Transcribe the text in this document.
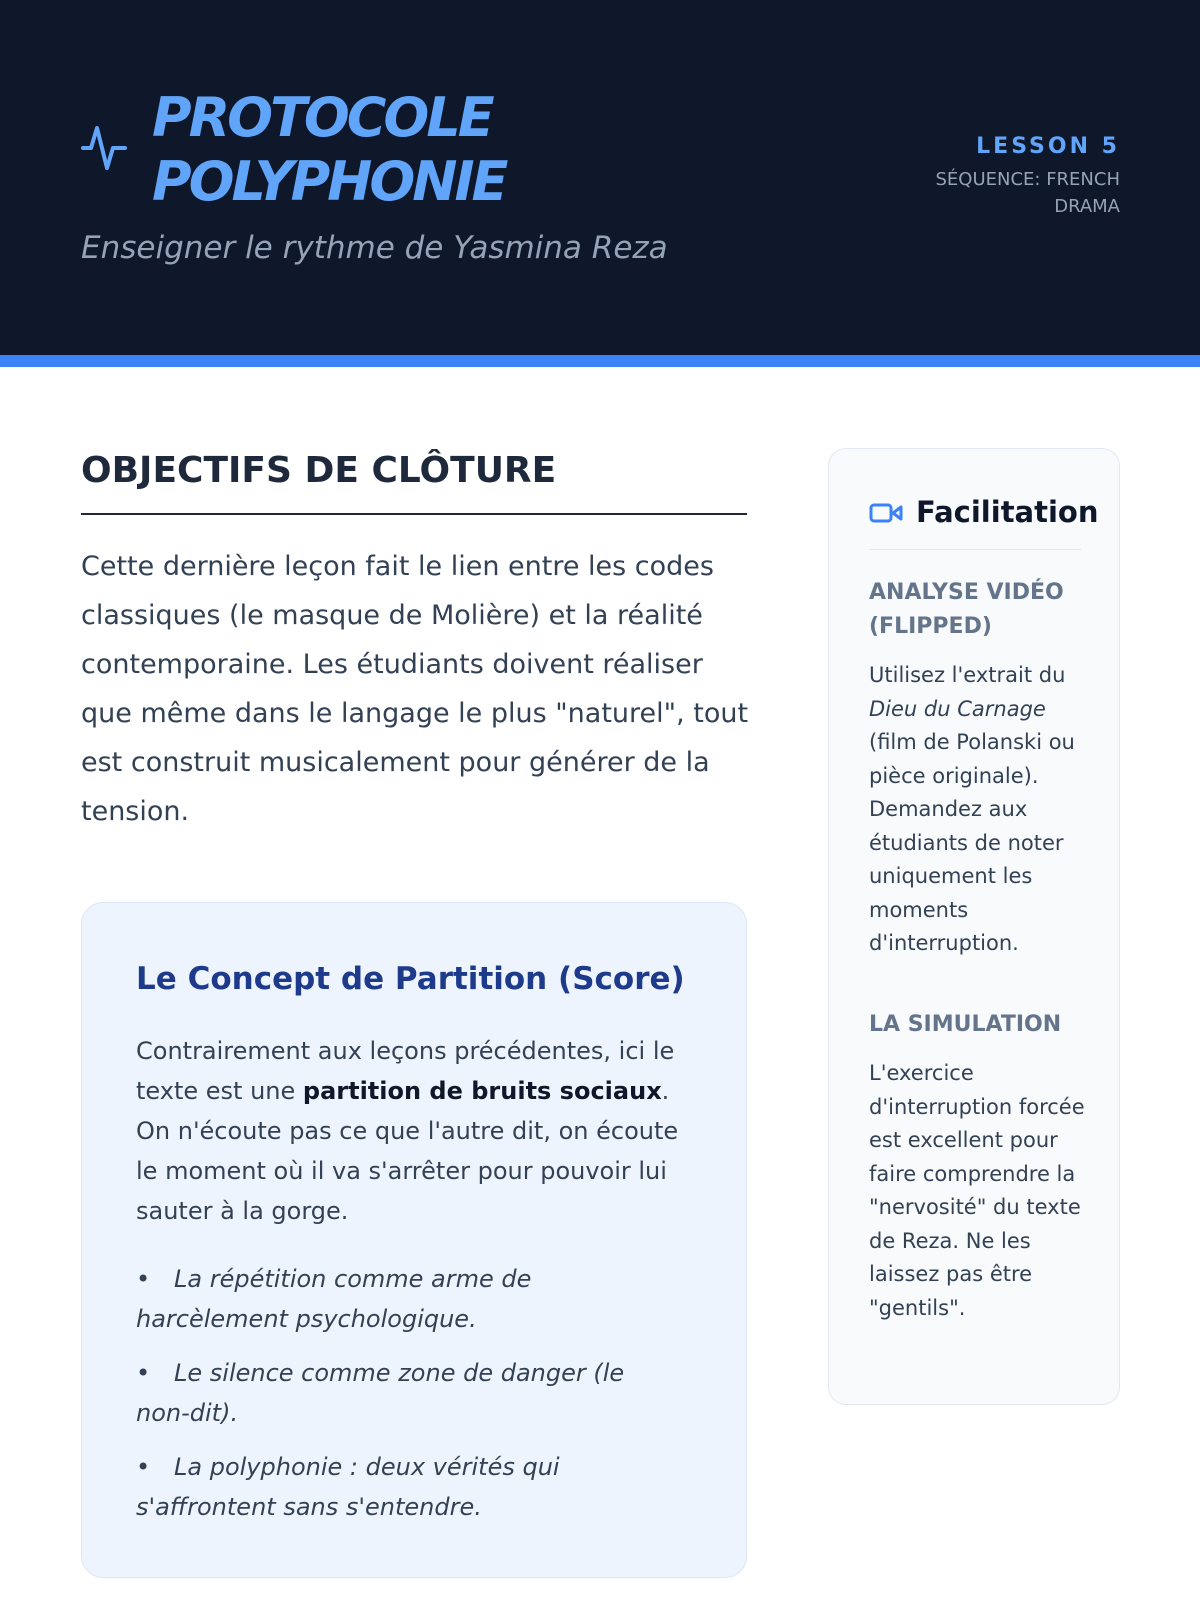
PROTOCOLE
POLYPHONIE
Enseigner le rythme de Yasmina Reza
LESSON 5
SÉQUENCE: FRENCH DRAMA
OBJECTIFS DE CLÔTURE

Cette dernière leçon fait le lien entre les codes classiques (le masque de Molière) et la réalité contemporaine. Les étudiants doivent réaliser que même dans le langage le plus "naturel", tout est construit musicalement pour générer de la tension.

Le Concept de Partition (Score)

Contrairement aux leçons précédentes, ici le texte est une partition de bruits sociaux. On n'écoute pas ce que l'autre dit, on écoute le moment où il va s'arrêter pour pouvoir lui sauter à la gorge.

• La répétition comme arme de harcèlement psychologique.
• Le silence comme zone de danger (le non-dit).
• La polyphonie : deux vérités qui s'affrontent sans s'entendre.
Facilitation
ANALYSE VIDÉO (FLIPPED)

Utilisez l'extrait du Dieu du Carnage (film de Polanski ou pièce originale). Demandez aux étudiants de noter uniquement les moments d'interruption.

LA SIMULATION

L'exercice d'interruption forcée est excellent pour faire comprendre la "nervosité" du texte de Reza. Ne les laissez pas être "gentils".
